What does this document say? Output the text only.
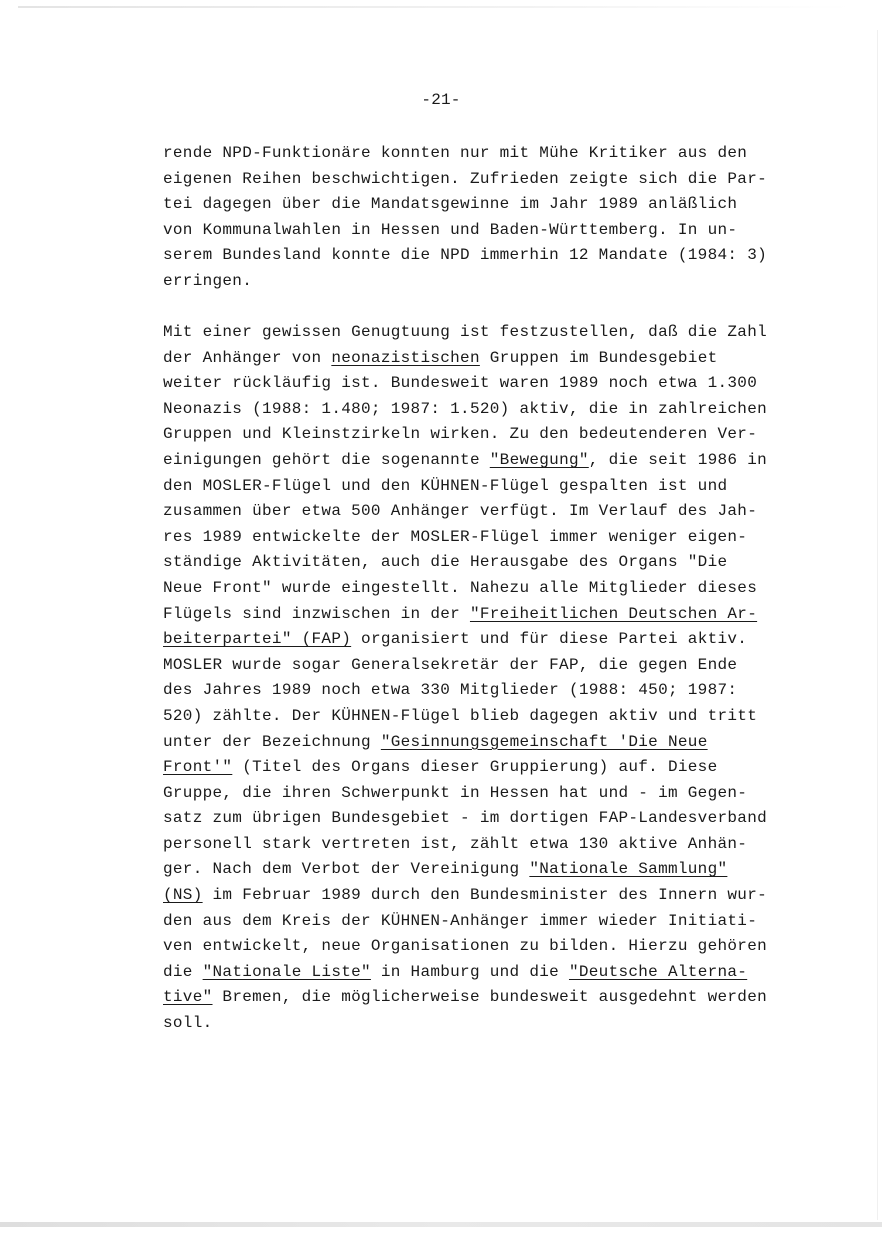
-21-
rende NPD-Funktionäre konnten nur mit Mühe Kritiker aus den
eigenen Reihen beschwichtigen. Zufrieden zeigte sich die Par-
tei dagegen über die Mandatsgewinne im Jahr 1989 anläßlich
von Kommunalwahlen in Hessen und Baden-Württemberg. In un-
serem Bundesland konnte die NPD immerhin 12 Mandate (1984: 3)
erringen.
Mit einer gewissen Genugtuung ist festzustellen, daß die Zahl
der Anhänger von neonazistischen Gruppen im Bundesgebiet
weiter rückläufig ist. Bundesweit waren 1989 noch etwa 1.300
Neonazis (1988: 1.480; 1987: 1.520) aktiv, die in zahlreichen
Gruppen und Kleinstzirkeln wirken. Zu den bedeutenderen Ver-
einigungen gehört die sogenannte "Bewegung", die seit 1986 in
den MOSLER-Flügel und den KÜHNEN-Flügel gespalten ist und
zusammen über etwa 500 Anhänger verfügt. Im Verlauf des Jah-
res 1989 entwickelte der MOSLER-Flügel immer weniger eigen-
ständige Aktivitäten, auch die Herausgabe des Organs "Die
Neue Front" wurde eingestellt. Nahezu alle Mitglieder dieses
Flügels sind inzwischen in der "Freiheitlichen Deutschen Ar-
beiterpartei" (FAP) organisiert und für diese Partei aktiv.
MOSLER wurde sogar Generalsekretär der FAP, die gegen Ende
des Jahres 1989 noch etwa 330 Mitglieder (1988: 450; 1987:
520) zählte. Der KÜHNEN-Flügel blieb dagegen aktiv und tritt
unter der Bezeichnung "Gesinnungsgemeinschaft 'Die Neue
Front'" (Titel des Organs dieser Gruppierung) auf. Diese
Gruppe, die ihren Schwerpunkt in Hessen hat und - im Gegen-
satz zum übrigen Bundesgebiet - im dortigen FAP-Landesverband
personell stark vertreten ist, zählt etwa 130 aktive Anhän-
ger. Nach dem Verbot der Vereinigung "Nationale Sammlung"
(NS) im Februar 1989 durch den Bundesminister des Innern wur-
den aus dem Kreis der KÜHNEN-Anhänger immer wieder Initiati-
ven entwickelt, neue Organisationen zu bilden. Hierzu gehören
die "Nationale Liste" in Hamburg und die "Deutsche Alterna-
tive" Bremen, die möglicherweise bundesweit ausgedehnt werden
soll.
